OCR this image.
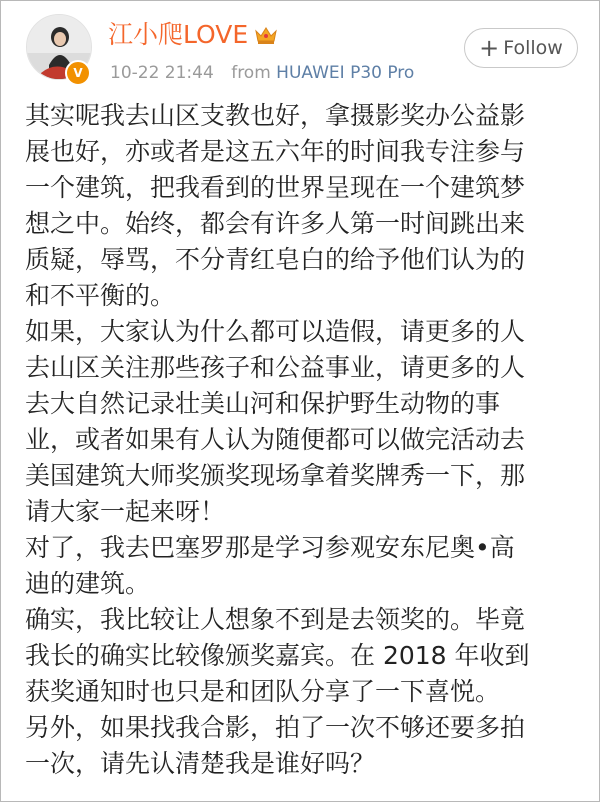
V
江小爬LOVE
10-22 21:44 from HUAWEI P30 Pro
+ Follow

其实呢我去山区支教也好，拿摄影奖办公益影
展也好，亦或者是这五六年的时间我专注参与
一个建筑，把我看到的世界呈现在一个建筑梦
想之中。始终，都会有许多人第一时间跳出来
质疑，辱骂，不分青红皂白的给予他们认为的
和不平衡的。

如果，大家认为什么都可以造假，请更多的人
去山区关注那些孩子和公益事业，请更多的人
去大自然记录壮美山河和保护野生动物的事
业，或者如果有人认为随便都可以做完活动去
美国建筑大师奖颁奖现场拿着奖牌秀一下，那
请大家一起来呀！

对了，我去巴塞罗那是学习参观安东尼奥•高
迪的建筑。

确实，我比较让人想象不到是去领奖的。毕竟
我长的确实比较像颁奖嘉宾。在 2018 年收到
获奖通知时也只是和团队分享了一下喜悦。

另外，如果找我合影，拍了一次不够还要多拍
一次，请先认清楚我是谁好吗？
